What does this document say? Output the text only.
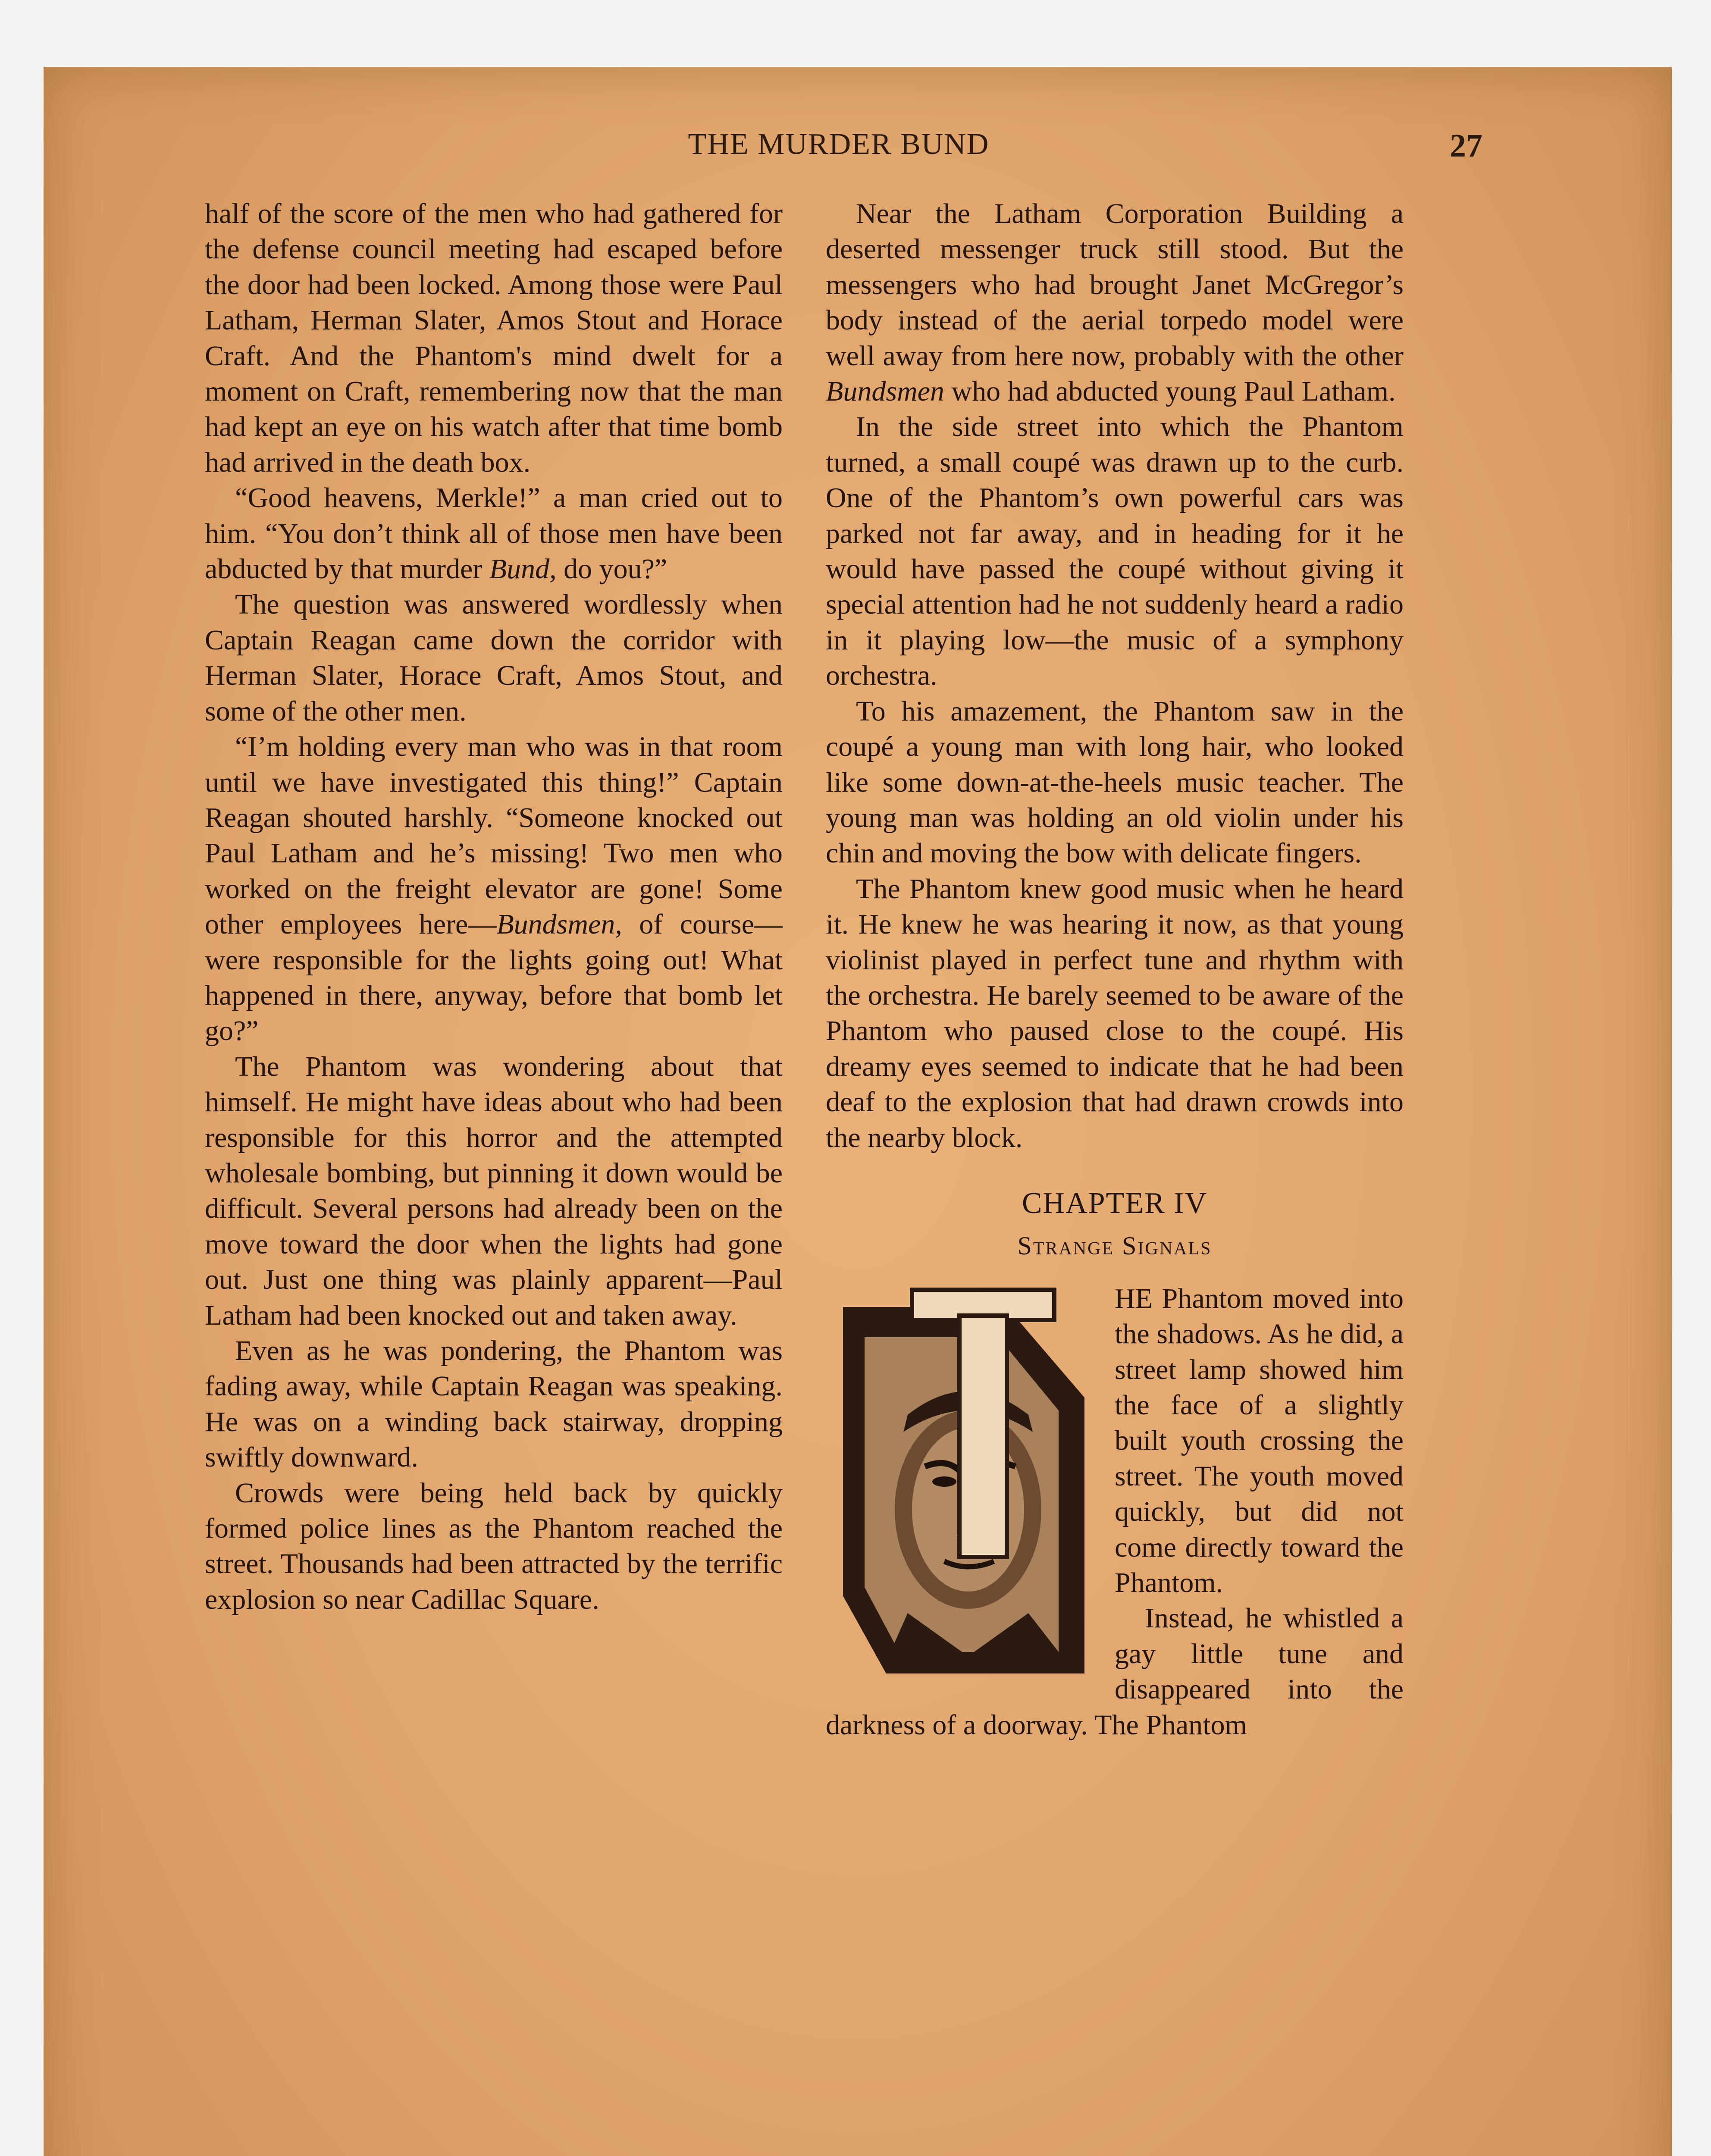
THE MURDER BUND	27

half of the score of the men who had gathered for the defense council meeting had escaped before the door had been locked. Among those were Paul Latham, Herman Slater, Amos Stout and Horace Craft. And the Phantom's mind dwelt for a moment on Craft, remembering now that the man had kept an eye on his watch after that time bomb had arrived in the death box.

“Good heavens, Merkle!” a man cried out to him. “You don’t think all of those men have been abducted by that murder Bund, do you?”

The question was answered wordlessly when Captain Reagan came down the corridor with Herman Slater, Horace Craft, Amos Stout, and some of the other men.

“I’m holding every man who was in that room until we have investigated this thing!” Captain Reagan shouted harshly. “Someone knocked out Paul Latham and he’s missing! Two men who worked on the freight elevator are gone! Some other employees here—Bundsmen, of course—were responsible for the lights going out! What happened in there, anyway, before that bomb let go?”

The Phantom was wondering about that himself. He might have ideas about who had been responsible for this horror and the attempted wholesale bombing, but pinning it down would be difficult. Several persons had already been on the move toward the door when the lights had gone out. Just one thing was plainly apparent—Paul Latham had been knocked out and taken away.

Even as he was pondering, the Phantom was fading away, while Captain Reagan was speaking. He was on a winding back stairway, dropping swiftly downward.

Crowds were being held back by quickly formed police lines as the Phantom reached the street. Thousands had been attracted by the terrific explosion so near Cadillac Square.

Near the Latham Corporation Building a deserted messenger truck still stood. But the messengers who had brought Janet McGregor’s body instead of the aerial torpedo model were well away from here now, probably with the other Bundsmen who had abducted young Paul Latham.

In the side street into which the Phantom turned, a small coupé was drawn up to the curb. One of the Phantom’s own powerful cars was parked not far away, and in heading for it he would have passed the coupé without giving it special attention had he not suddenly heard a radio in it playing low—the music of a symphony orchestra.

To his amazement, the Phantom saw in the coupé a young man with long hair, who looked like some down-at-the-heels music teacher. The young man was holding an old violin under his chin and moving the bow with delicate fingers.

The Phantom knew good music when he heard it. He knew he was hearing it now, as that young violinist played in perfect tune and rhythm with the orchestra. He barely seemed to be aware of the Phantom who paused close to the coupé. His dreamy eyes seemed to indicate that he had been deaf to the explosion that had drawn crowds into the nearby block.

CHAPTER IV
Strange Signals

HE Phantom moved into the shadows. As he did, a street lamp showed him the face of a slightly built youth crossing the street. The youth moved quickly, but did not come directly toward the Phantom.

Instead, he whistled a gay little tune and disappeared into the darkness of a doorway. The Phantom
